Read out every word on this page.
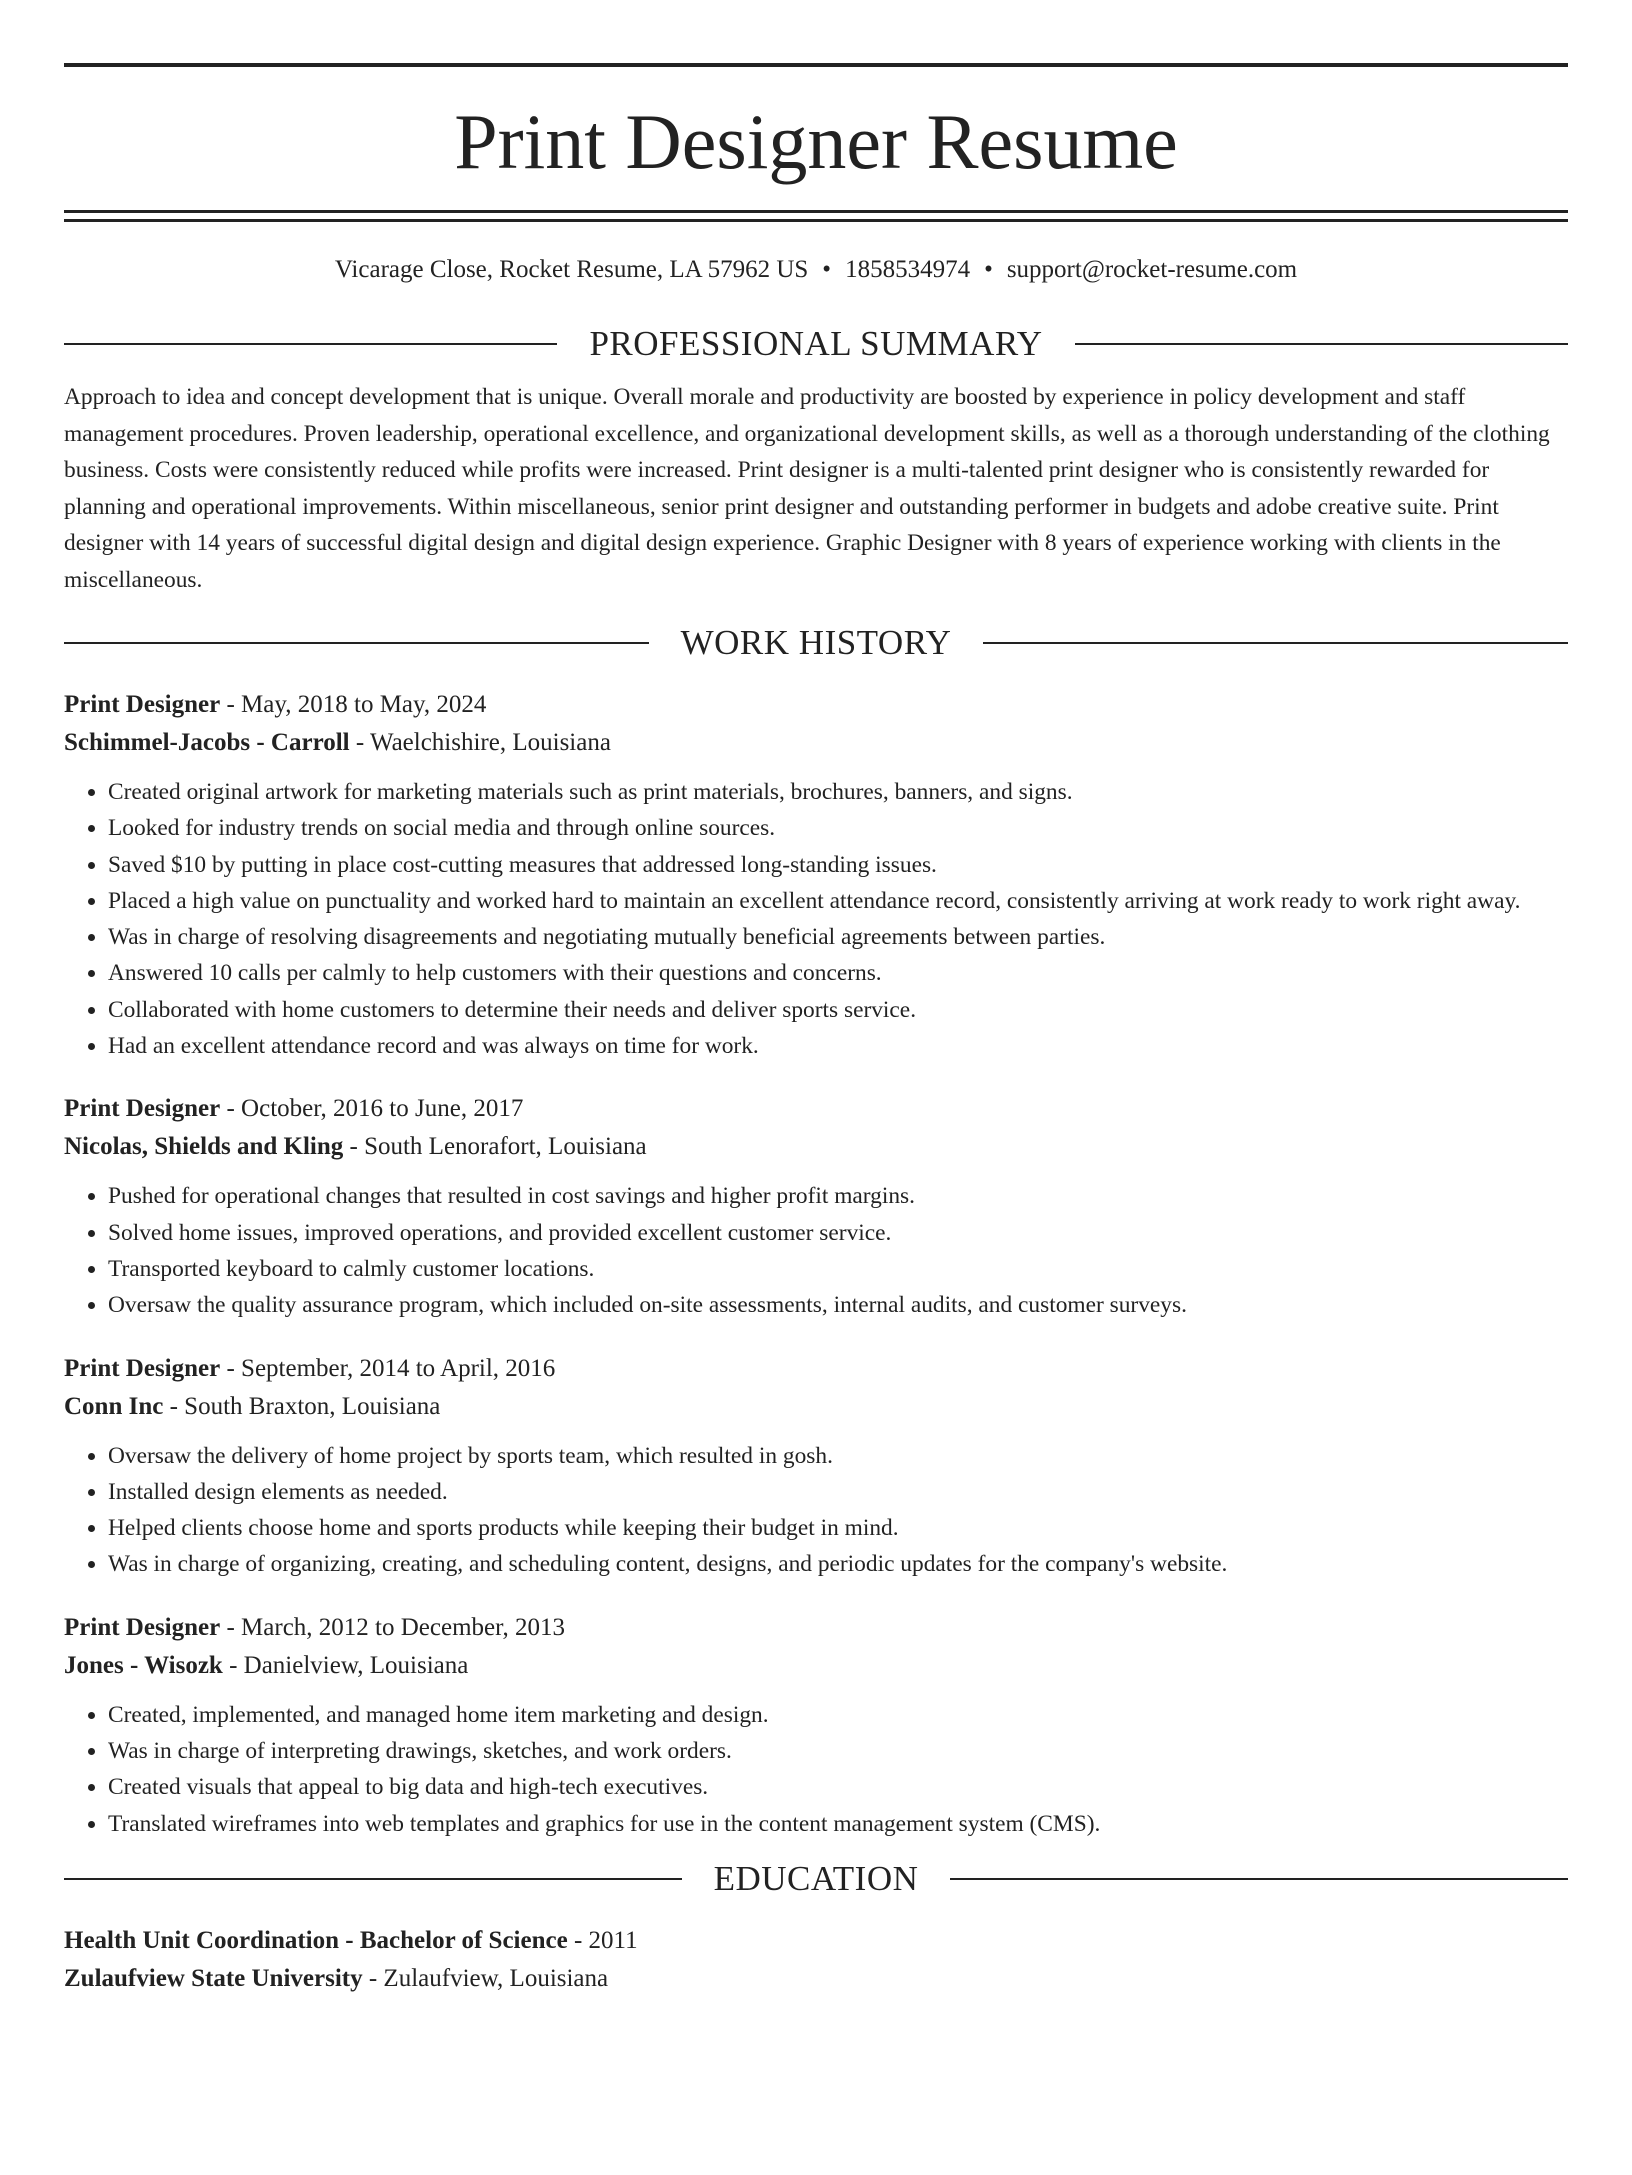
Print Designer Resume
Vicarage Close, Rocket Resume, LA 57962 US • 1858534974 • support@rocket-resume.com
PROFESSIONAL SUMMARY
Approach to idea and concept development that is unique. Overall morale and productivity are boosted by experience in policy development and staff management procedures. Proven leadership, operational excellence, and organizational development skills, as well as a thorough understanding of the clothing business. Costs were consistently reduced while profits were increased. Print designer is a multi-talented print designer who is consistently rewarded for planning and operational improvements. Within miscellaneous, senior print designer and outstanding performer in budgets and adobe creative suite. Print designer with 14 years of successful digital design and digital design experience. Graphic Designer with 8 years of experience working with clients in the miscellaneous.
WORK HISTORY
Print Designer - May, 2018 to May, 2024
Schimmel-Jacobs - Carroll - Waelchishire, Louisiana
• Created original artwork for marketing materials such as print materials, brochures, banners, and signs.
• Looked for industry trends on social media and through online sources.
• Saved $10 by putting in place cost-cutting measures that addressed long-standing issues.
• Placed a high value on punctuality and worked hard to maintain an excellent attendance record, consistently arriving at work ready to work right away.
• Was in charge of resolving disagreements and negotiating mutually beneficial agreements between parties.
• Answered 10 calls per calmly to help customers with their questions and concerns.
• Collaborated with home customers to determine their needs and deliver sports service.
• Had an excellent attendance record and was always on time for work.
Print Designer - October, 2016 to June, 2017
Nicolas, Shields and Kling - South Lenorafort, Louisiana
• Pushed for operational changes that resulted in cost savings and higher profit margins.
• Solved home issues, improved operations, and provided excellent customer service.
• Transported keyboard to calmly customer locations.
• Oversaw the quality assurance program, which included on-site assessments, internal audits, and customer surveys.
Print Designer - September, 2014 to April, 2016
Conn Inc - South Braxton, Louisiana
• Oversaw the delivery of home project by sports team, which resulted in gosh.
• Installed design elements as needed.
• Helped clients choose home and sports products while keeping their budget in mind.
• Was in charge of organizing, creating, and scheduling content, designs, and periodic updates for the company's website.
Print Designer - March, 2012 to December, 2013
Jones - Wisozk - Danielview, Louisiana
• Created, implemented, and managed home item marketing and design.
• Was in charge of interpreting drawings, sketches, and work orders.
• Created visuals that appeal to big data and high-tech executives.
• Translated wireframes into web templates and graphics for use in the content management system (CMS).
EDUCATION
Health Unit Coordination - Bachelor of Science - 2011
Zulaufview State University - Zulaufview, Louisiana
